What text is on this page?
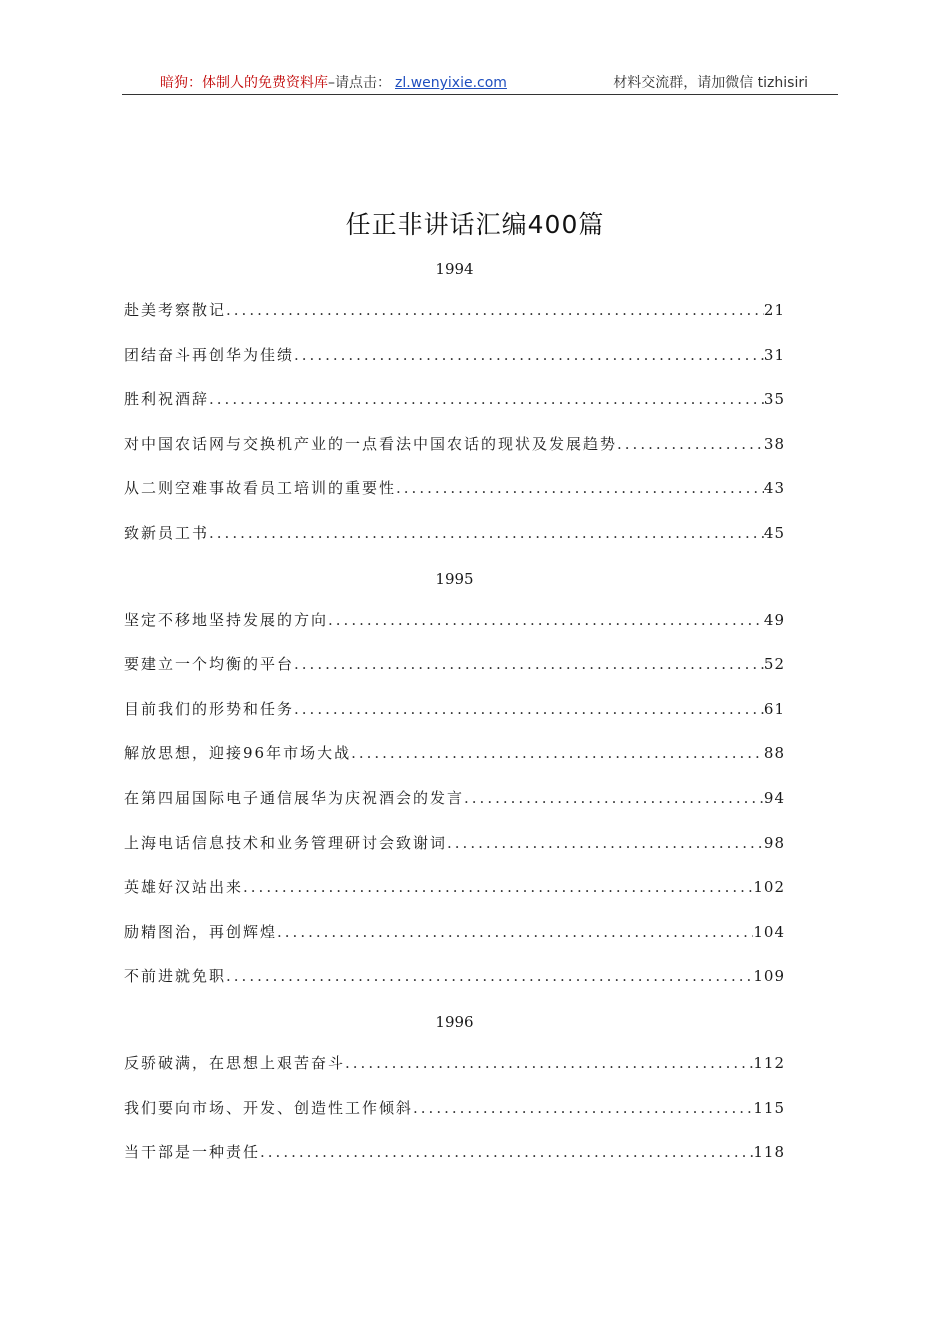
暗狗：体制人的免费资料库–请点击： zl.wenyixie.com	材料交流群，请加微信 tizhisiri
任正非讲话汇编400篇
1994
赴美考察散记 .....	21
团结奋斗再创华为佳绩 .....	31
胜利祝酒辞 .....	35
对中国农话网与交换机产业的一点看法中国农话的现状及发展趋势 .....	38
从二则空难事故看员工培训的重要性 .....	43
致新员工书 .....	45
1995
坚定不移地坚持发展的方向 .....	49
要建立一个均衡的平台 .....	52
目前我们的形势和任务 .....	61
解放思想，迎接96年市场大战 .....	88
在第四届国际电子通信展华为庆祝酒会的发言 .....	94
上海电话信息技术和业务管理研讨会致谢词 .....	98
英雄好汉站出来 .....	102
励精图治，再创辉煌 .....	104
不前进就免职 .....	109
1996
反骄破满，在思想上艰苦奋斗 .....	112
我们要向市场、开发、创造性工作倾斜 .....	115
当干部是一种责任 .....	118
